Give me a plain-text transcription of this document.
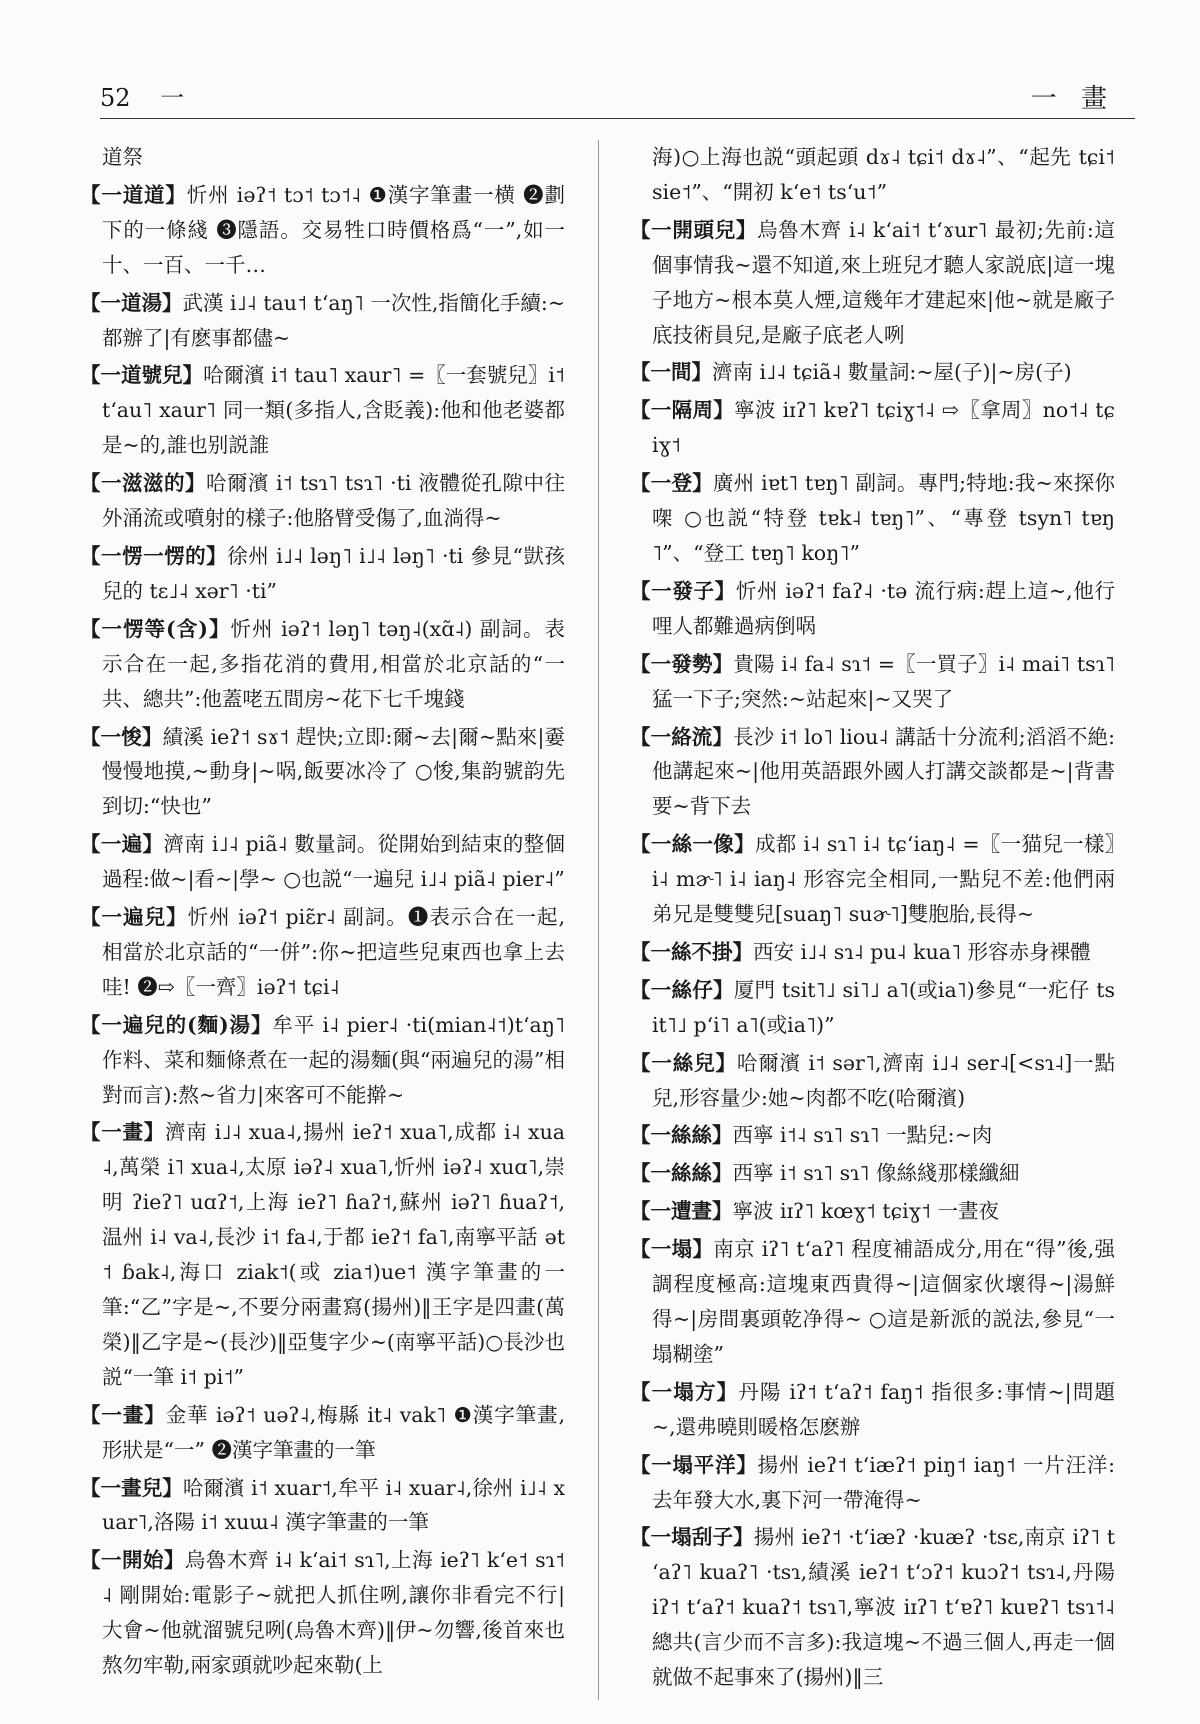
52 一	一 畫
道祭
【一道道】忻州 iəʔ˦ tɔ˦ tɔ˦˨ ❶漢字筆畫一横 ❷劃下的一條綫 ❸隱語。交易牲口時價格爲“一”,如一十、一百、一千…
【一道湯】武漢 i˩˨ tau˦ tʻaŋ˥ 一次性,指簡化手續:~都辦了|有麽事都儘~
【一道號兒】哈爾濱 i˦ tau˥ xaur˥ =〖一套號兒〗i˦ tʻau˥ xaur˥ 同一類(多指人,含貶義):他和他老婆都是~的,誰也别説誰
【一滋滋的】哈爾濱 i˦ tsɿ˥ tsɿ˥ ·ti 液體從孔隙中往外涌流或噴射的樣子:他胳臂受傷了,血淌得~
【一愣一愣的】徐州 i˩˨ ləŋ˥ i˩˨ ləŋ˥ ·ti 參見“獃孩兒的 tɛ˩˨ xər˥ ·ti”
【一愣等(含)】忻州 iəʔ˦ ləŋ˥ təŋ˨(xɑ̃˨) 副詞。表示合在一起,多指花消的費用,相當於北京話的“一共、總共”:他蓋咾五間房~花下七千塊錢
【一悛】績溪 ieʔ˦ sɤ˦ 趕快;立即:爾~去|爾~點來|嫑慢慢地摸,~動身|~㖞,飯要冰冷了 ○悛,集韵號韵先到切:“快也”
【一遍】濟南 i˩˨ piã˨ 數量詞。從開始到結束的整個過程:做~|看~|學~ ○也説“一遍兒 i˩˨ piã˨ pier˨”
【一遍兒】忻州 iəʔ˦ piɛ̃r˨ 副詞。❶表示合在一起,相當於北京話的“一併”:你~把這些兒東西也拿上去哇! ❷⇨〖一齊〗iəʔ˦ tɕi˨
【一遍兒的(麵)湯】牟平 i˨ pier˨ ·ti(mian˨˦)tʻaŋ˥ 作料、菜和麵條煮在一起的湯麵(與“兩遍兒的湯”相對而言):熬~省力|來客可不能擀~
【一畫】濟南 i˩˨ xua˨,揚州 ieʔ˦ xua˥,成都 i˨ xua˨,萬榮 i˥ xua˨,太原 iəʔ˨ xua˥,忻州 iəʔ˨ xuɑ˥,崇明 ʔieʔ˥ uɑʔ˦,上海 ieʔ˥ ɦaʔ˦,蘇州 iəʔ˥ ɦuaʔ˦,温州 i˨ va˨,長沙 i˦ fa˨,于都 ieʔ˦ fa˥,南寧平話 ət˦ ɓak˨,海口 ziak˦(或 zia˦)ue˦ 漢字筆畫的一筆:“乙”字是~,不要分兩畫寫(揚州)‖王字是四畫(萬榮)‖乙字是~(長沙)‖亞隻字少~(南寧平話)○長沙也説“一筆 i˦ pi˦”
【一畫】金華 iəʔ˦ uəʔ˨,梅縣 it˨ vak˥ ❶漢字筆畫,形狀是“一” ❷漢字筆畫的一筆
【一畫兒】哈爾濱 i˦ xuar˦,牟平 i˨ xuar˨,徐州 i˩˨ xuar˥,洛陽 i˦ xuɯ˨ 漢字筆畫的一筆
【一開始】烏魯木齊 i˨ kʻai˦ sɿ˥,上海 ieʔ˥ kʻe˦ sɿ˦˨ 剛開始:電影子~就把人抓住咧,讓你非看完不行|大會~他就溜號兒咧(烏魯木齊)‖伊~勿響,後首來也熬勿牢勒,兩家頭就吵起來勒(上
海)○上海也説“頭起頭 dɤ˨ tɕi˦ dɤ˨”、“起先 tɕi˦ sie˦”、“開初 kʻe˦ tsʻu˦”
【一開頭兒】烏魯木齊 i˨ kʻai˦ tʻɤur˥ 最初;先前:這個事情我~還不知道,來上班兒才聽人家説底|這一塊子地方~根本莫人煙,這幾年才建起來|他~就是廠子底技術員兒,是廠子底老人咧
【一間】濟南 i˩˨ tɕiã˨ 數量詞:~屋(子)|~房(子)
【一隔周】寧波 iɪʔ˥ kɐʔ˥ tɕiɣ˦˨ ⇨〖拿周〗no˦˨ tɕiɣ˦
【一登】廣州 iɐt˥ tɐŋ˥ 副詞。專門;特地:我~來探你㗎 ○也説“特登 tɐk˨ tɐŋ˥”、“專登 tsyn˥ tɐŋ˥”、“登工 tɐŋ˥ koŋ˥”
【一發子】忻州 iəʔ˦ faʔ˨ ·tə 流行病:趕上這~,他行哩人都難過病倒㖞
【一發勢】貴陽 i˨ fa˨ sɿ˦ =〖一買子〗i˨ mai˥ tsɿ˥ 猛一下子;突然:~站起來|~又哭了
【一絡流】長沙 i˦ lo˥ liou˨ 講話十分流利;滔滔不絶:他講起來~|他用英語跟外國人打講交談都是~|背書要~背下去
【一絲一像】成都 i˨ sɿ˥ i˨ tɕʻiaŋ˨ =〖一猫兒一樣〗i˨ mɚ˥ i˨ iaŋ˨ 形容完全相同,一點兒不差:他們兩弟兄是雙雙兒[suaŋ˥ suɚ˥]雙胞胎,長得~
【一絲不掛】西安 i˩˨ sɿ˨ pu˨ kua˥ 形容赤身裸體
【一絲仔】厦門 tsit˥˩ si˥˩ a˥(或ia˥)參見“一疕仔 tsit˥˩ pʻi˥ a˥(或ia˥)”
【一絲兒】哈爾濱 i˦ sər˥,濟南 i˩˨ ser˨[<sɿ˨]一點兒,形容量少:她~肉都不吃(哈爾濱)
【一絲絲】西寧 i˦˨ sɿ˥ sɿ˥ 一點兒:~肉
【一絲絲】西寧 i˦ sɿ˥ sɿ˥ 像絲綫那樣纖細
【一遭晝】寧波 iɪʔ˥ kœɣ˦ tɕiɣ˦ 一晝夜
【一塌】南京 iʔ˥ tʻaʔ˥ 程度補語成分,用在“得”後,强調程度極高:這塊東西貴得~|這個家伙壞得~|湯鮮得~|房間裏頭乾净得~ ○這是新派的説法,參見“一塌糊塗”
【一塌方】丹陽 iʔ˦ tʻaʔ˦ faŋ˦ 指很多:事情~|問題~,還弗曉則暖格怎麽辦
【一塌平洋】揚州 ieʔ˦ tʻiæʔ˦ piŋ˦ iaŋ˦ 一片汪洋:去年發大水,裏下河一帶淹得~
【一塌刮子】揚州 ieʔ˦ ·tʻiæʔ ·kuæʔ ·tsɛ,南京 iʔ˥ tʻaʔ˥ kuaʔ˥ ·tsɿ,績溪 ieʔ˦ tʻɔʔ˦ kuɔʔ˦ tsɿ˨,丹陽 iʔ˦ tʻaʔ˦ kuaʔ˦ tsɿ˥,寧波 iɪʔ˥ tʻɐʔ˥ kuɐʔ˥ tsɿ˦˨ 總共(言少而不言多):我這塊~不過三個人,再走一個就做不起事來了(揚州)‖三
